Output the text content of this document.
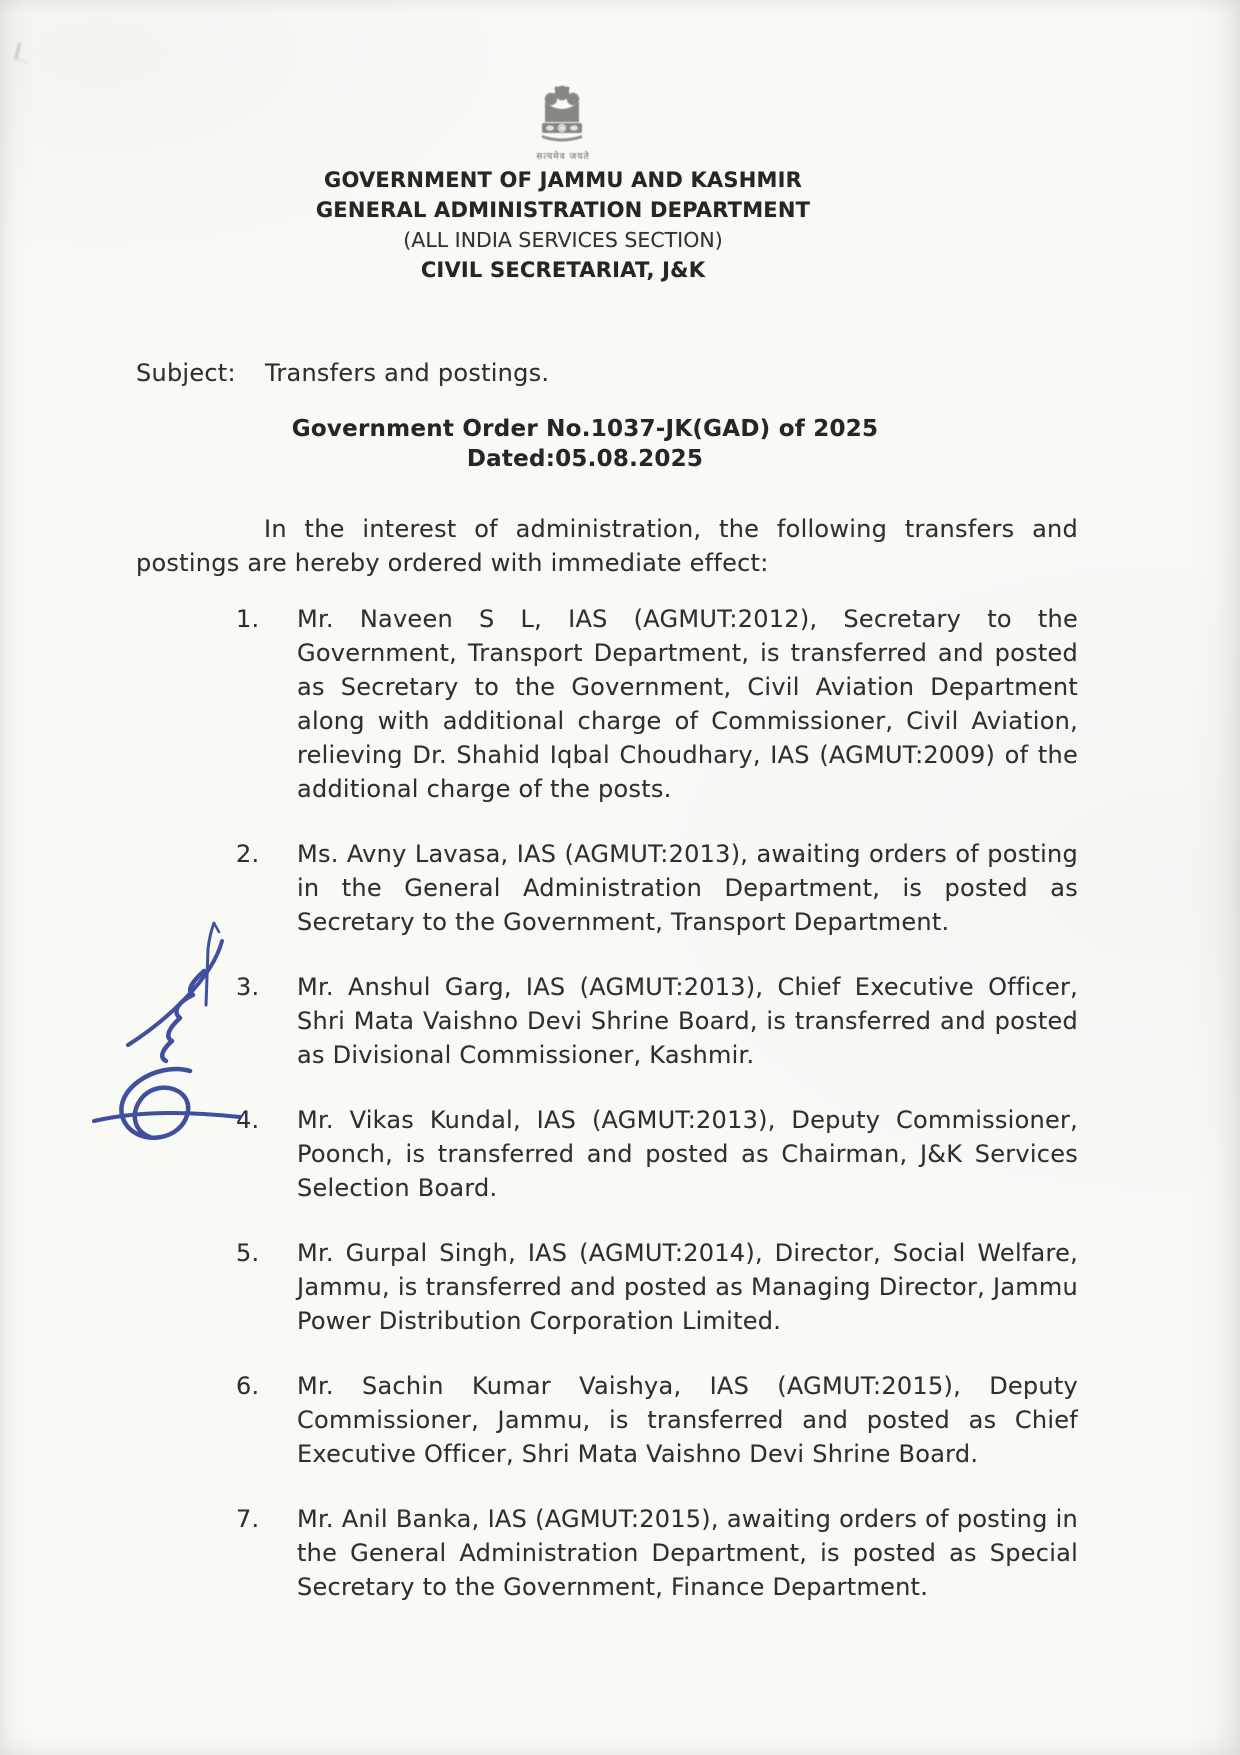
सत्यमेव जयते
GOVERNMENT OF JAMMU AND KASHMIR
GENERAL ADMINISTRATION DEPARTMENT
(ALL INDIA SERVICES SECTION)
CIVIL SECRETARIAT, J&K
Subject:	Transfers and postings.
Government Order No.1037-JK(GAD) of 2025
Dated:05.08.2025

In the interest of administration, the following transfers and postings are hereby ordered with immediate effect:

1.	Mr. Naveen S L, IAS (AGMUT:2012), Secretary to the Government, Transport Department, is transferred and posted as Secretary to the Government, Civil Aviation Department along with additional charge of Commissioner, Civil Aviation, relieving Dr. Shahid Iqbal Choudhary, IAS (AGMUT:2009) of the additional charge of the posts.
2.	Ms. Avny Lavasa, IAS (AGMUT:2013), awaiting orders of posting in the General Administration Department, is posted as Secretary to the Government, Transport Department.
3.	Mr. Anshul Garg, IAS (AGMUT:2013), Chief Executive Officer, Shri Mata Vaishno Devi Shrine Board, is transferred and posted as Divisional Commissioner, Kashmir.
4.	Mr. Vikas Kundal, IAS (AGMUT:2013), Deputy Commissioner, Poonch, is transferred and posted as Chairman, J&K Services Selection Board.
5.	Mr. Gurpal Singh, IAS (AGMUT:2014), Director, Social Welfare, Jammu, is transferred and posted as Managing Director, Jammu Power Distribution Corporation Limited.
6.	Mr. Sachin Kumar Vaishya, IAS (AGMUT:2015), Deputy Commissioner, Jammu, is transferred and posted as Chief Executive Officer, Shri Mata Vaishno Devi Shrine Board.
7.	Mr. Anil Banka, IAS (AGMUT:2015), awaiting orders of posting in the General Administration Department, is posted as Special Secretary to the Government, Finance Department.
